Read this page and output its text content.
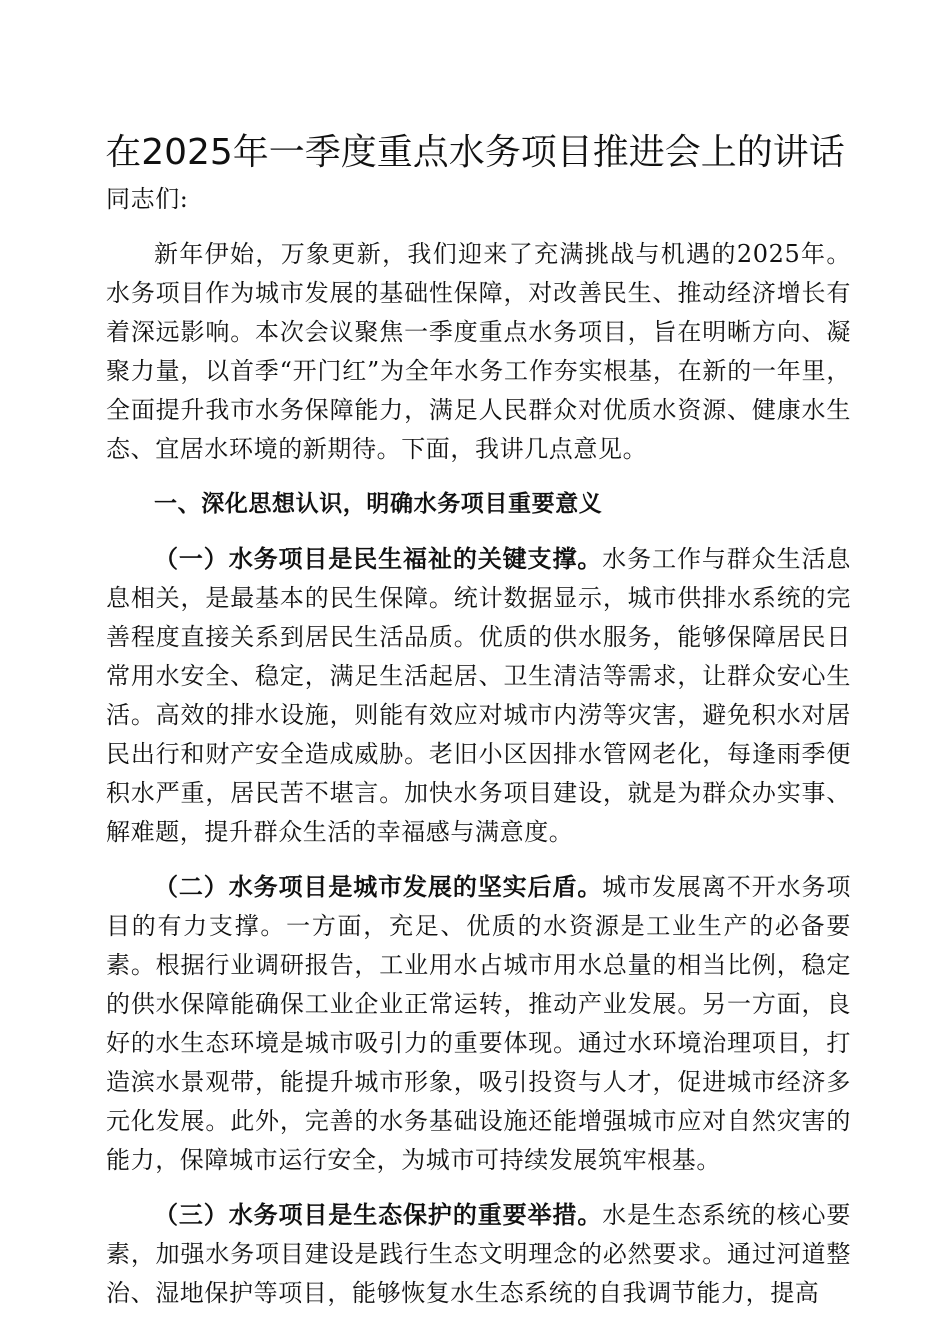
在2025年一季度重点水务项目推进会上的讲话

同志们:

新年伊始，万象更新，我们迎来了充满挑战与机遇的2025年。水务项目作为城市发展的基础性保障，对改善民生、推动经济增长有着深远影响。本次会议聚焦一季度重点水务项目，旨在明晰方向、凝聚力量，以首季“开门红”为全年水务工作夯实根基，在新的一年里，全面提升我市水务保障能力，满足人民群众对优质水资源、健康水生态、宜居水环境的新期待。下面，我讲几点意见。

一、深化思想认识，明确水务项目重要意义

（一）水务项目是民生福祉的关键支撑。水务工作与群众生活息息相关，是最基本的民生保障。统计数据显示，城市供排水系统的完善程度直接关系到居民生活品质。优质的供水服务，能够保障居民日常用水安全、稳定，满足生活起居、卫生清洁等需求，让群众安心生活。高效的排水设施，则能有效应对城市内涝等灾害，避免积水对居民出行和财产安全造成威胁。老旧小区因排水管网老化，每逢雨季便积水严重，居民苦不堪言。加快水务项目建设，就是为群众办实事、解难题，提升群众生活的幸福感与满意度。

（二）水务项目是城市发展的坚实后盾。城市发展离不开水务项目的有力支撑。一方面，充足、优质的水资源是工业生产的必备要素。根据行业调研报告，工业用水占城市用水总量的相当比例，稳定的供水保障能确保工业企业正常运转，推动产业发展。另一方面，良好的水生态环境是城市吸引力的重要体现。通过水环境治理项目，打造滨水景观带，能提升城市形象，吸引投资与人才，促进城市经济多元化发展。此外，完善的水务基础设施还能增强城市应对自然灾害的能力，保障城市运行安全，为城市可持续发展筑牢根基。

（三）水务项目是生态保护的重要举措。水是生态系统的核心要素，加强水务项目建设是践行生态文明理念的必然要求。通过河道整治、湿地保护等项目，能够恢复水生态系统的自我调节能力，提高
